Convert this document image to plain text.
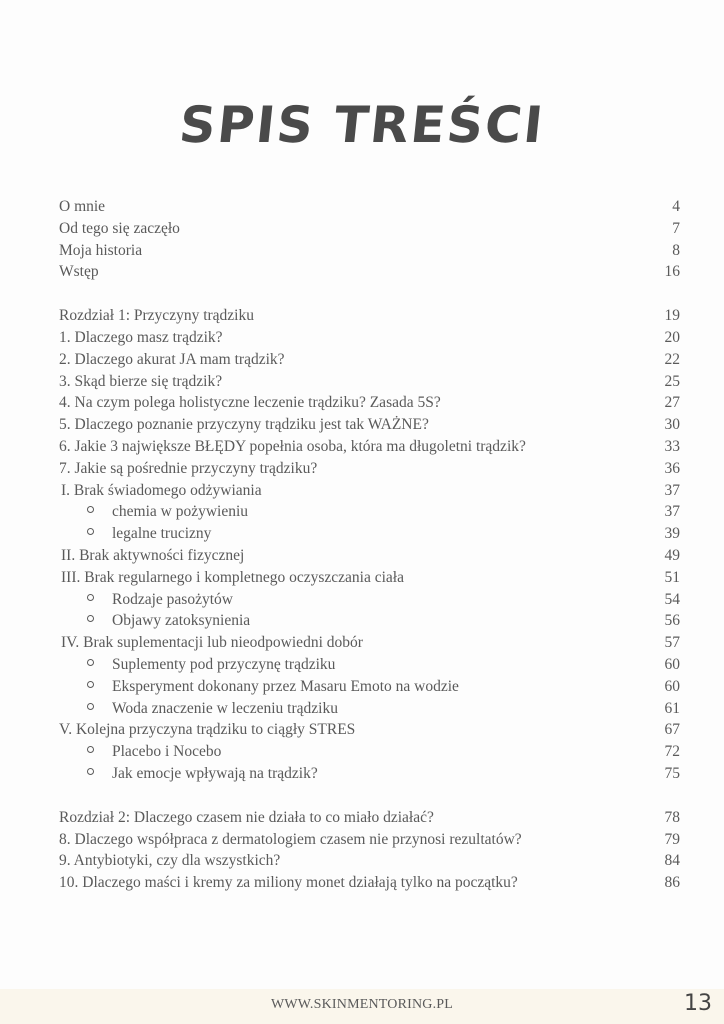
SPIS TREŚCI
O mnie	4
Od tego się zaczęło	7
Moja historia	8
Wstęp	16
Rozdział 1: Przyczyny trądziku	19
1. Dlaczego masz trądzik?	20
2. Dlaczego akurat JA mam trądzik?	22
3. Skąd bierze się trądzik?	25
4. Na czym polega holistyczne leczenie trądziku? Zasada 5S?	27
5. Dlaczego poznanie przyczyny trądziku jest tak WAŻNE?	30
6. Jakie 3 największe BŁĘDY popełnia osoba, która ma długoletni trądzik?	33
7. Jakie są pośrednie przyczyny trądziku?	36
I. Brak świadomego odżywiania	37
chemia w pożywieniu	37
legalne trucizny	39
II. Brak aktywności fizycznej	49
III. Brak regularnego i kompletnego oczyszczania ciała	51
Rodzaje pasożytów	54
Objawy zatoksynienia	56
IV. Brak suplementacji lub nieodpowiedni dobór	57
Suplementy pod przyczynę trądziku	60
Eksperyment dokonany przez Masaru Emoto na wodzie	60
Woda znaczenie w leczeniu trądziku	61
V. Kolejna przyczyna trądziku to ciągły STRES	67
Placebo i Nocebo	72
Jak emocje wpływają na trądzik?	75
Rozdział 2: Dlaczego czasem nie działa to co miało działać?	78
8. Dlaczego współpraca z dermatologiem czasem nie przynosi rezultatów?	79
9. Antybiotyki, czy dla wszystkich?	84
10. Dlaczego maści i kremy za miliony monet działają tylko na początku?	86
WWW.SKINMENTORING.PL	13
